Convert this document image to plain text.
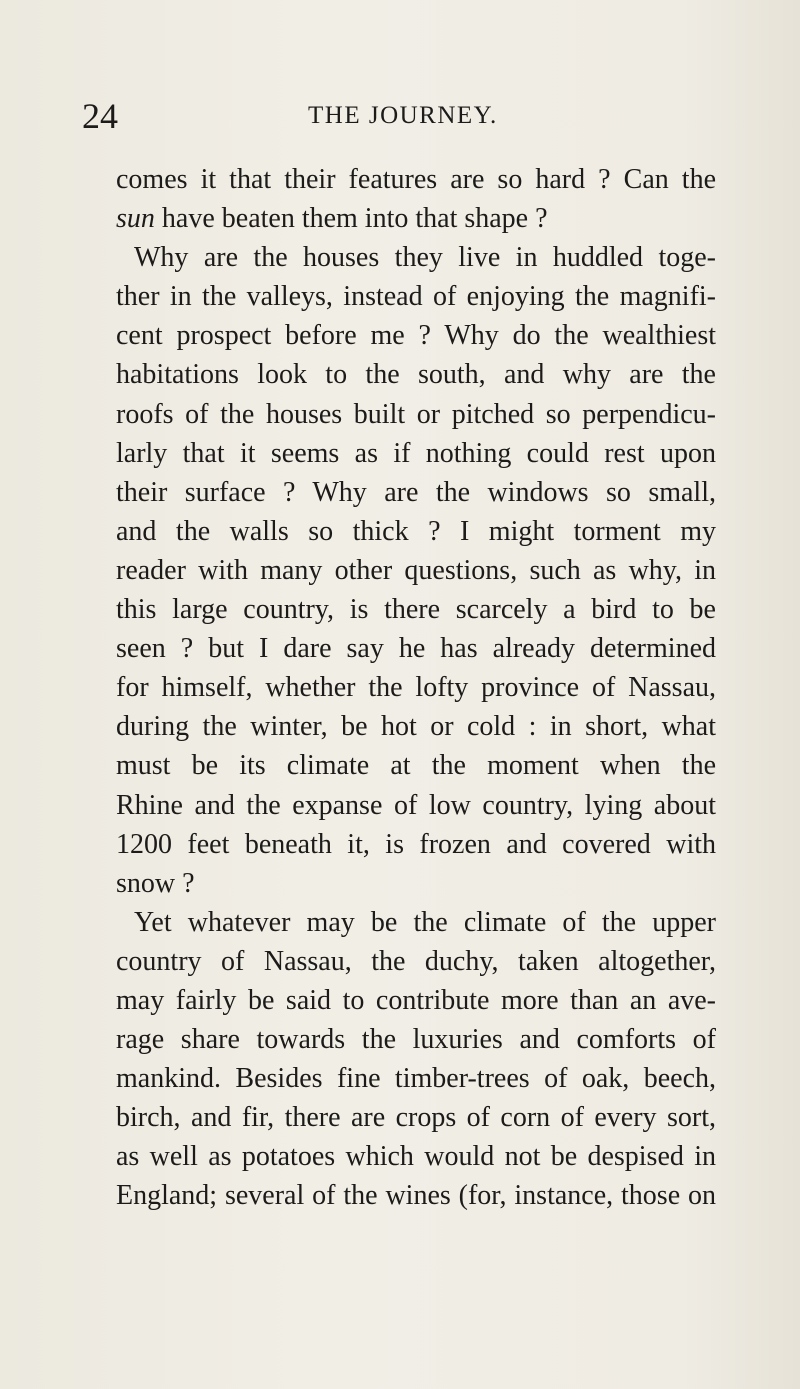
24	THE JOURNEY.
comes it that their features are so hard ? Can the
sun have beaten them into that shape ?
Why are the houses they live in huddled toge-
ther in the valleys, instead of enjoying the magnifi-
cent prospect before me ? Why do the wealthiest
habitations look to the south, and why are the
roofs of the houses built or pitched so perpendicu-
larly that it seems as if nothing could rest upon
their surface ? Why are the windows so small,
and the walls so thick ? I might torment my
reader with many other questions, such as why, in
this large country, is there scarcely a bird to be
seen ? but I dare say he has already determined
for himself, whether the lofty province of Nassau,
during the winter, be hot or cold : in short, what
must be its climate at the moment when the
Rhine and the expanse of low country, lying about
1200 feet beneath it, is frozen and covered with
snow ?
Yet whatever may be the climate of the upper
country of Nassau, the duchy, taken altogether,
may fairly be said to contribute more than an ave-
rage share towards the luxuries and comforts of
mankind. Besides fine timber-trees of oak, beech,
birch, and fir, there are crops of corn of every sort,
as well as potatoes which would not be despised in
England; several of the wines (for, instance, those on
